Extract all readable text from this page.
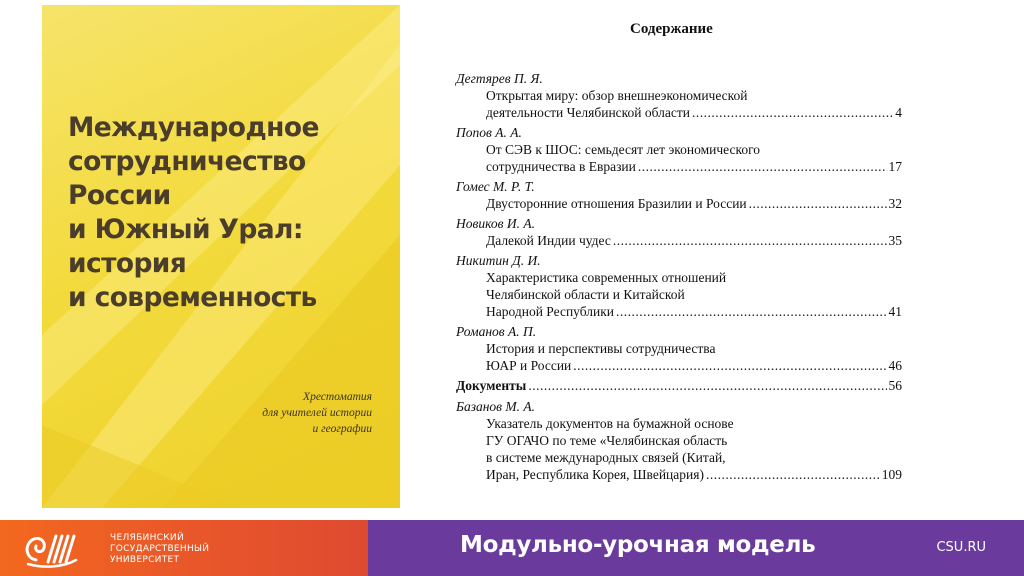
Международное
сотрудничество России
и Южный Урал:
история
и современность
Хрестоматия
для учителей истории
и географии
Содержание
Дегтярев П. Я.
Открытая миру: обзор внешнеэкономической
деятельности Челябинской области .....	4
Попов А. А.
От СЭВ к ШОС: семьдесят лет экономического
сотрудничества в Евразии .....	17
Гомес М. Р. Т.
Двусторонние отношения Бразилии и России .....	32
Новиков И. А.
Далекой Индии чудес .....	35
Никитин Д. И.
Характеристика современных отношений
Челябинской области и Китайской
Народной Республики .....	41
Романов А. П.
История и перспективы сотрудничества
ЮАР и России .....	46
Документы .....	56
Базанов М. А.
Указатель документов на бумажной основе
ГУ ОГАЧО по теме «Челябинская область
в системе международных связей (Китай,
Иран, Республика Корея, Швейцария) .....	109
ЧЕЛЯБИНСКИЙ
ГОСУДАРСТВЕННЫЙ
УНИВЕРСИТЕТ
Модульно-урочная модель	CSU.RU
